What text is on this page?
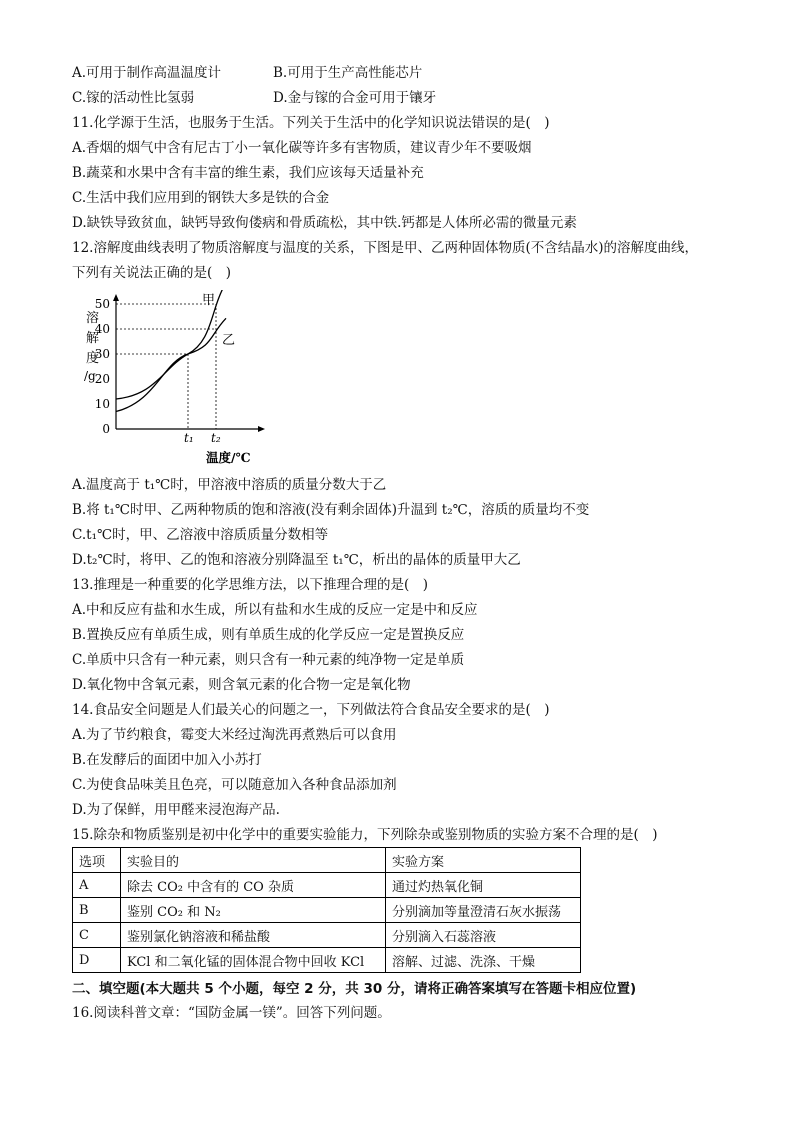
A.可用于制作高温温度计	B.可用于生产高性能芯片
C.镓的活动性比氢弱	D.金与镓的合金可用于镶牙
11.化学源于生活，也服务于生活。下列关于生活中的化学知识说法错误的是(　)
A.香烟的烟气中含有尼古丁小一氧化碳等许多有害物质，建议青少年不要吸烟
B.蔬菜和水果中含有丰富的维生素，我们应该每天适量补充
C.生活中我们应用到的钢铁大多是铁的合金
D.缺铁导致贫血，缺钙导致佝偻病和骨质疏松，其中铁.钙都是人体所必需的微量元素
12.溶解度曲线表明了物质溶解度与温度的关系，下图是甲、乙两种固体物质(不含结晶水)的溶解度曲线，
下列有关说法正确的是(　)
溶
解
度
/g
0
10
20
30
40
50	甲
乙
t₁ t₂
温度/℃
A.温度高于 t₁℃时，甲溶液中溶质的质量分数大于乙
B.将 t₁℃时甲、乙两种物质的饱和溶液(没有剩余固体)升温到 t₂℃，溶质的质量均不变
C.t₁℃时，甲、乙溶液中溶质质量分数相等
D.t₂℃时，将甲、乙的饱和溶液分别降温至 t₁℃，析出的晶体的质量甲大乙
13.推理是一种重要的化学思维方法，以下推理合理的是(　)
A.中和反应有盐和水生成，所以有盐和水生成的反应一定是中和反应
B.置换反应有单质生成，则有单质生成的化学反应一定是置换反应
C.单质中只含有一种元素，则只含有一种元素的纯净物一定是单质
D.氧化物中含氧元素，则含氧元素的化合物一定是氧化物
14.食品安全问题是人们最关心的问题之一，下列做法符合食品安全要求的是(　)
A.为了节约粮食，霉变大米经过淘洗再煮熟后可以食用
B.在发酵后的面团中加入小苏打
C.为使食品味美且色亮，可以随意加入各种食品添加剂
D.为了保鲜，用甲醛来浸泡海产品.
15.除杂和物质鉴别是初中化学中的重要实验能力，下列除杂或鉴别物质的实验方案不合理的是(　)
选项	实验目的	实验方案
A	除去 CO₂ 中含有的 CO 杂质	通过灼热氧化铜
B	鉴别 CO₂ 和 N₂	分别滴加等量澄清石灰水振荡
C	鉴别氯化钠溶液和稀盐酸	分别滴入石蕊溶液
D	KCl 和二氧化锰的固体混合物中回收 KCl	溶解、过滤、洗涤、干燥
二、填空题(本大题共 5 个小题，每空 2 分，共 30 分，请将正确答案填写在答题卡相应位置)
16.阅读科普文章：“国防金属一镁”。回答下列问题。
